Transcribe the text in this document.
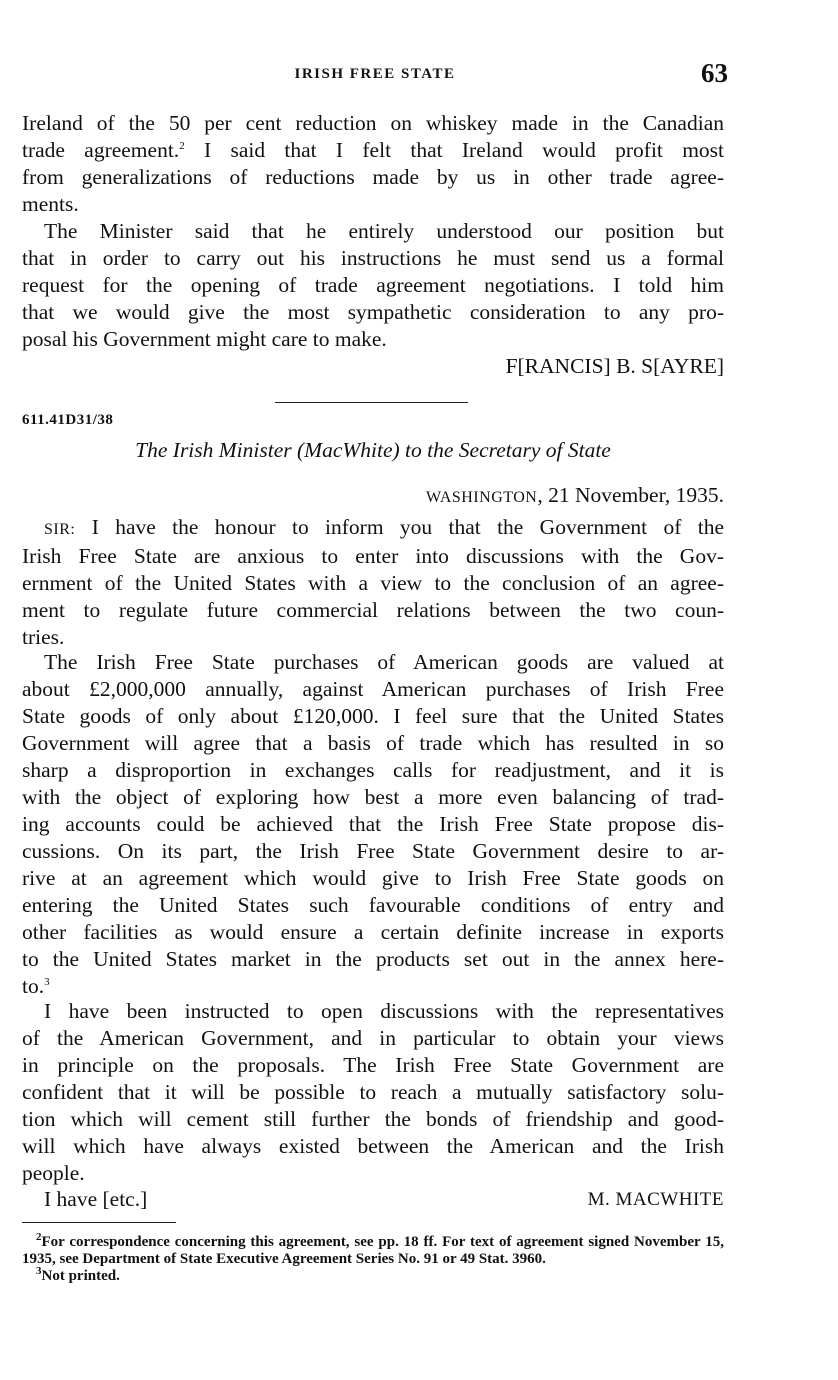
IRISH FREE STATE	63

Ireland of the 50 per cent reduction on whiskey made in the Canadian

trade agreement.$^2$ I said that I felt that Ireland would profit most

from generalizations of reductions made by us in other trade agree-

ments.

The Minister said that he entirely understood our position but

that in order to carry out his instructions he must send us a formal

request for the opening of trade agreement negotiations. I told him

that we would give the most sympathetic consideration to any pro-

posal his Government might care to make.

F[RANCIS] B. S[AYRE]

611.41D31/38
The Irish Minister (MacWhite) to the Secretary of State

WASHINGTON, 21 November, 1935.

SIR: I have the honour to inform you that the Government of the

Irish Free State are anxious to enter into discussions with the Gov-

ernment of the United States with a view to the conclusion of an agree-

ment to regulate future commercial relations between the two coun-

tries.

The Irish Free State purchases of American goods are valued at

about £2,000,000 annually, against American purchases of Irish Free

State goods of only about £120,000. I feel sure that the United States

Government will agree that a basis of trade which has resulted in so

sharp a disproportion in exchanges calls for readjustment, and it is

with the object of exploring how best a more even balancing of trad-

ing accounts could be achieved that the Irish Free State propose dis-

cussions. On its part, the Irish Free State Government desire to ar-

rive at an agreement which would give to Irish Free State goods on

entering the United States such favourable conditions of entry and

other facilities as would ensure a certain definite increase in exports

to the United States market in the products set out in the annex here-

to.$^3$

I have been instructed to open discussions with the representatives

of the American Government, and in particular to obtain your views

in principle on the proposals. The Irish Free State Government are

confident that it will be possible to reach a mutually satisfactory solu-

tion which will cement still further the bonds of friendship and good-

will which have always existed between the American and the Irish

people.

I have [etc.]	M. MACWHITE

$^2$For correspondence concerning this agreement, see pp. 18 ff. For text of agreement signed November 15, 1935, see Department of State Executive Agreement Series No. 91 or 49 Stat. 3960.

$^3$Not printed.
